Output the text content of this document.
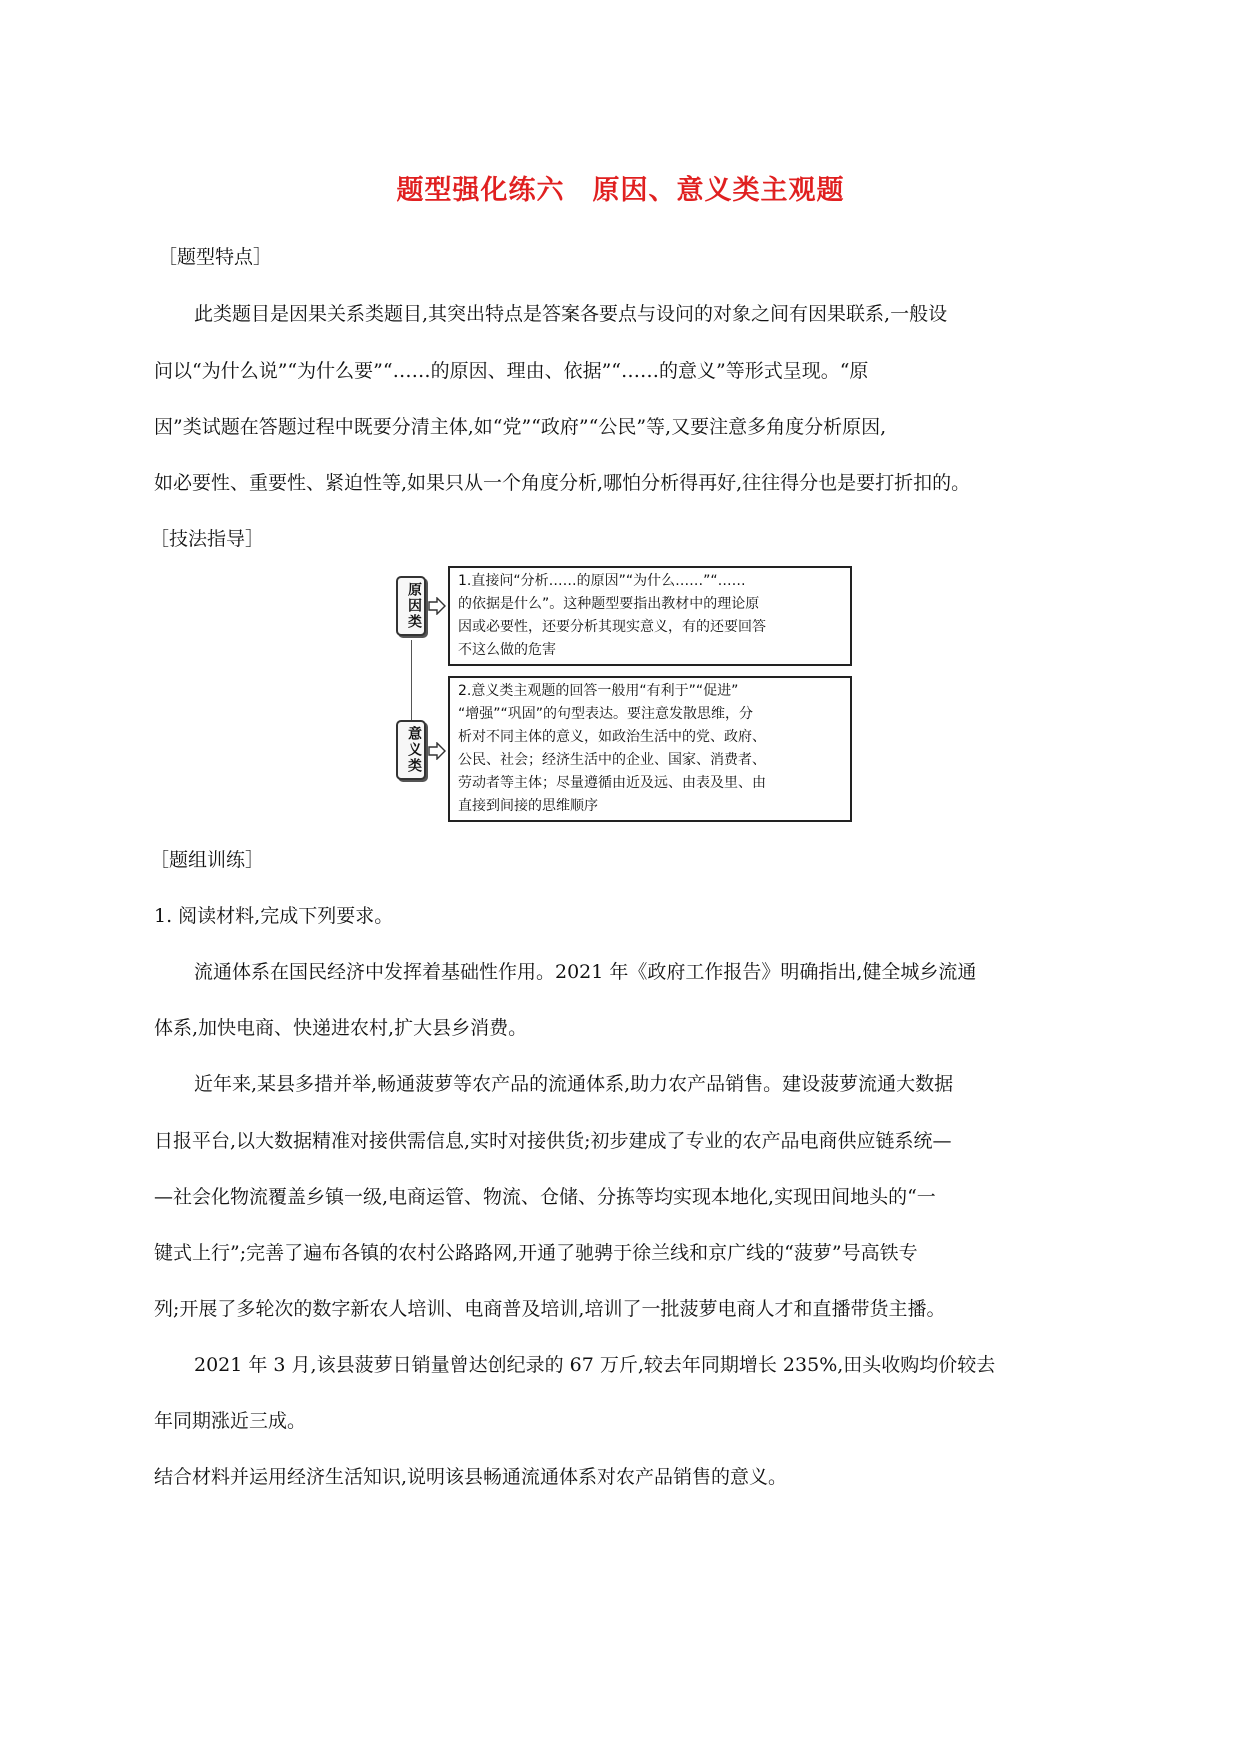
题型强化练六 原因、意义类主观题
［题型特点］
此类题目是因果关系类题目,其突出特点是答案各要点与设问的对象之间有因果联系,一般设
问以“为什么说”“为什么要”“……的原因、理由、依据”“……的意义”等形式呈现。“原
因”类试题在答题过程中既要分清主体,如“党”“政府”“公民”等,又要注意多角度分析原因,
如必要性、重要性、紧迫性等,如果只从一个角度分析,哪怕分析得再好,往往得分也是要打折扣的。
［技法指导］
原因类
意义类
1.直接问“分析……的原因”“为什么……”“……
的依据是什么”。这种题型要指出教材中的理论原
因或必要性，还要分析其现实意义，有的还要回答
不这么做的危害
2.意义类主观题的回答一般用“有利于”“促进”
“增强”“巩固”的句型表达。要注意发散思维，分
析对不同主体的意义，如政治生活中的党、政府、
公民、社会；经济生活中的企业、国家、消费者、
劳动者等主体；尽量遵循由近及远、由表及里、由
直接到间接的思维顺序
［题组训练］
1. 阅读材料,完成下列要求。
流通体系在国民经济中发挥着基础性作用。2021 年《政府工作报告》明确指出,健全城乡流通
体系,加快电商、快递进农村,扩大县乡消费。
近年来,某县多措并举,畅通菠萝等农产品的流通体系,助力农产品销售。建设菠萝流通大数据
日报平台,以大数据精准对接供需信息,实时对接供货;初步建成了专业的农产品电商供应链系统—
—社会化物流覆盖乡镇一级,电商运管、物流、仓储、分拣等均实现本地化,实现田间地头的“一
键式上行”;完善了遍布各镇的农村公路路网,开通了驰骋于徐兰线和京广线的“菠萝”号高铁专
列;开展了多轮次的数字新农人培训、电商普及培训,培训了一批菠萝电商人才和直播带货主播。
2021 年 3 月,该县菠萝日销量曾达创纪录的 67 万斤,较去年同期增长 235%,田头收购均价较去
年同期涨近三成。
结合材料并运用经济生活知识,说明该县畅通流通体系对农产品销售的意义。
